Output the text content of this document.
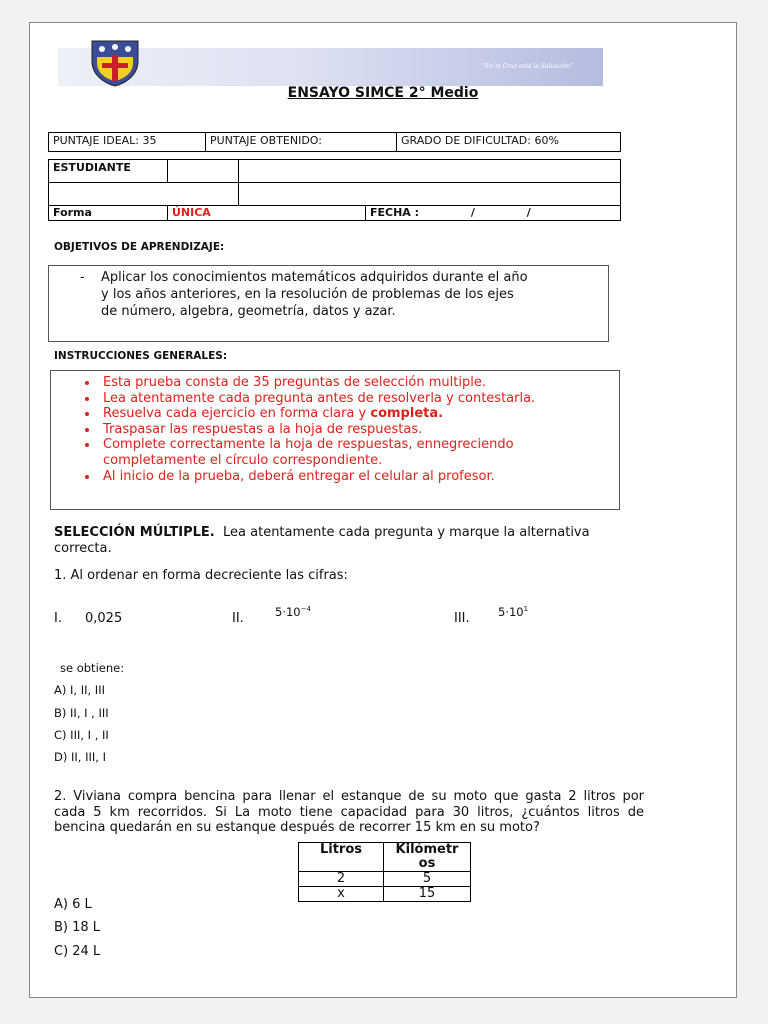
"En la Cruz está la Salvación"
ENSAYO SIMCE 2° Medio
PUNTAJE IDEAL: 35	PUNTAJE OBTENIDO:	GRADO DE DIFICULTAD: 60%
ESTUDIANTE			

Forma	ÚNICA		FECHA : / /
OBJETIVOS DE APRENDIZAJE:
- Aplicar los conocimientos matemáticos adquiridos durante el año
y los años anteriores, en la resolución de problemas de los ejes
de número, algebra, geometría, datos y azar.
INSTRUCCIONES GENERALES:
• Esta prueba consta de 35 preguntas de selección multiple.
• Lea atentamente cada pregunta antes de resolverla y contestarla.
• Resuelva cada ejercicio en forma clara y completa.
• Traspasar las respuestas a la hoja de respuestas.
• Complete correctamente la hoja de respuestas, ennegreciendo
completamente el círculo correspondiente.
• Al inicio de la prueba, deberá entregar el celular al profesor.
SELECCIÓN MÚLTIPLE. Lea atentamente cada pregunta y marque la alternativa
correcta.
1. Al ordenar en forma decreciente las cifras:
I. 0,025	II.	$5\cdot 10^{-4}$
III. $5\cdot 10^1$
se obtiene:
A) I, II, III
B) II, I , III
C) III, I , II
D) II, III, I
2. Viviana compra bencina para llenar el estanque de su moto que gasta 2 litros por
cada 5 km recorridos. Si La moto tiene capacidad para 30 litros, ¿cuántos litros de
bencina quedarán en su estanque después de recorrer 15 km en su moto?
Litros	Kilómetr
os
2	5
x	15
A) 6 L
B) 18 L
C) 24 L
